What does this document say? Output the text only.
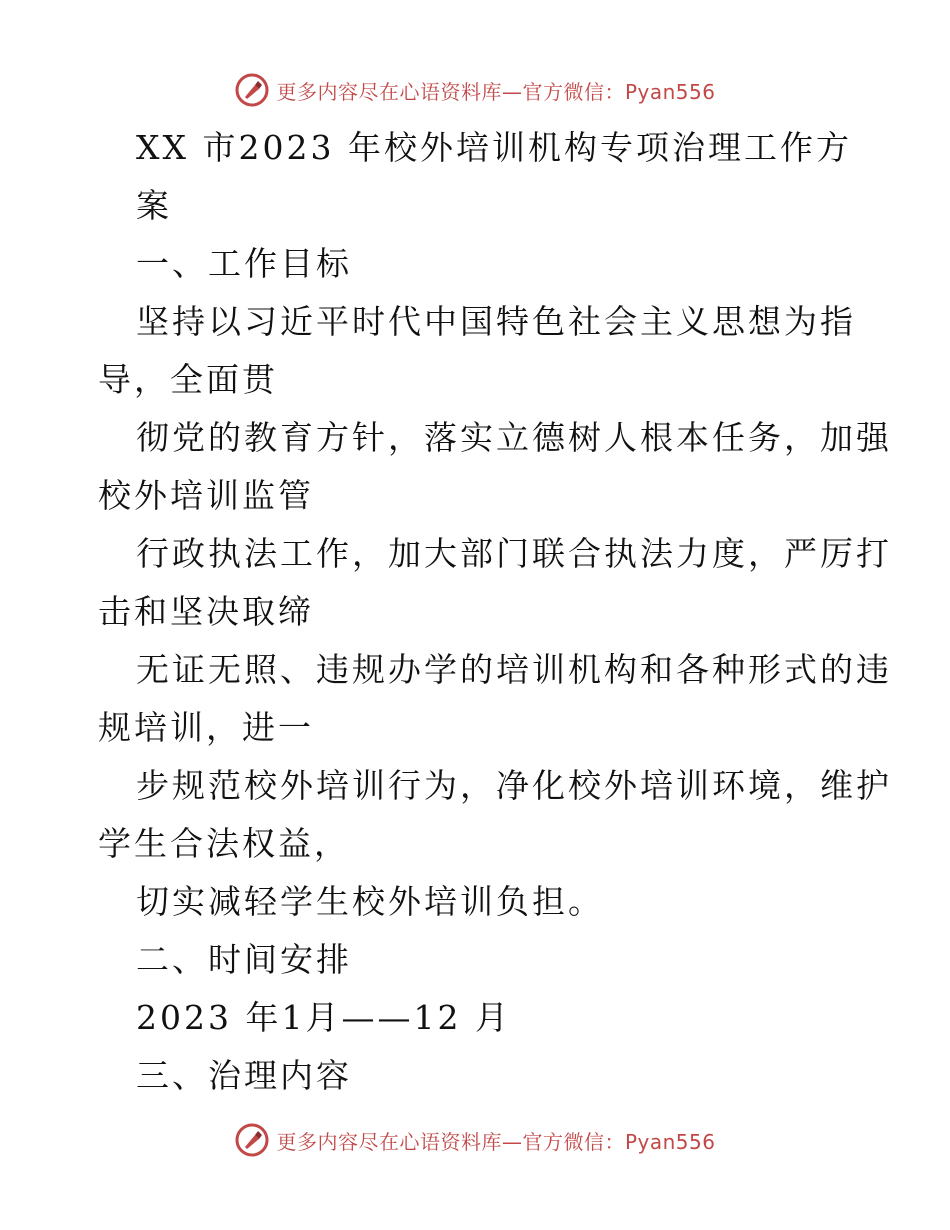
更多内容尽在心语资料库—官方微信：Pyan556
XX 市2023 年校外培训机构专项治理工作方
案
一、工作目标
坚持以习近平时代中国特色社会主义思想为指
导，全面贯
彻党的教育方针，落实立德树人根本任务，加强
校外培训监管
行政执法工作，加大部门联合执法力度，严厉打
击和坚决取缔
无证无照、违规办学的培训机构和各种形式的违
规培训，进一
步规范校外培训行为，净化校外培训环境，维护
学生合法权益，
切实减轻学生校外培训负担。
二、时间安排
2023 年1月——12 月
三、治理内容
更多内容尽在心语资料库—官方微信：Pyan556
